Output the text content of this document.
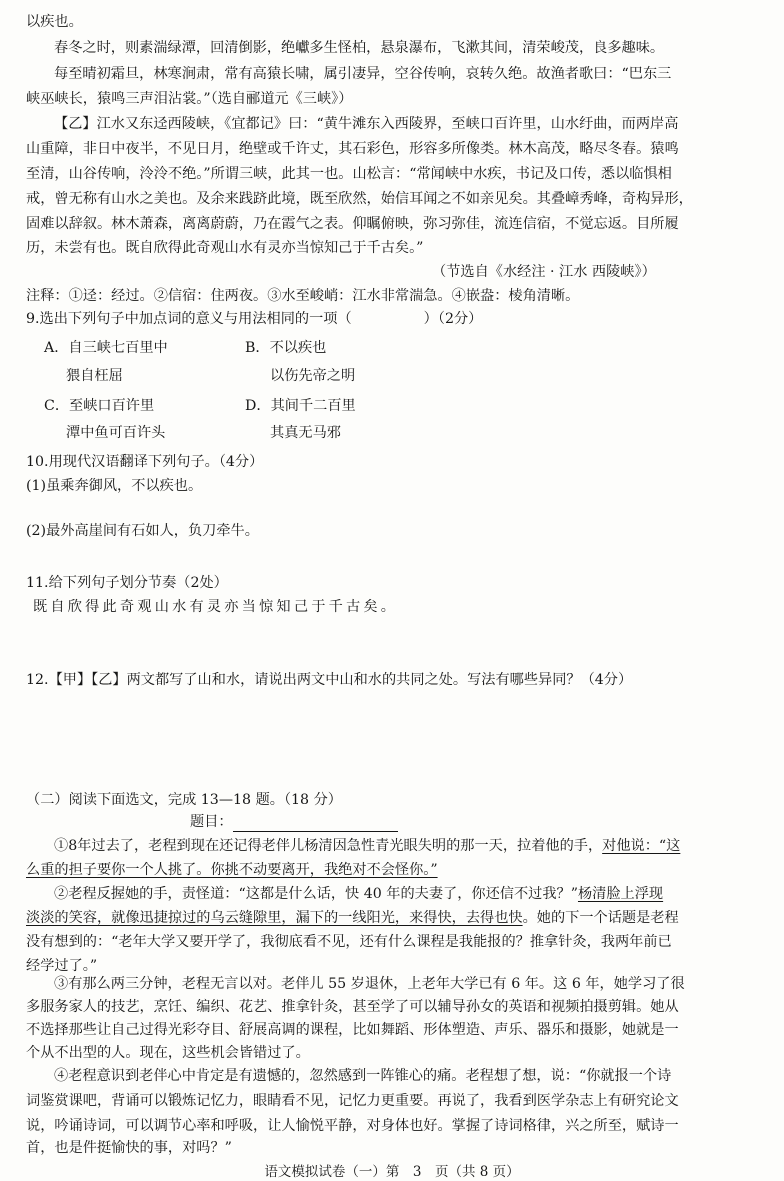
以疾也。
春冬之时，则素湍绿潭，回清倒影，绝巘多生怪柏，悬泉瀑布，飞漱其间，清荣峻茂，良多趣味。
每至晴初霜旦，林寒涧肃，常有高猿长啸，属引凄异，空谷传响，哀转久绝。故渔者歌曰：“巴东三
峡巫峡长，猿鸣三声泪沾裳。”（选自郦道元《三峡》）
【乙】江水又东迳西陵峡，《宜都记》曰：“黄牛滩东入西陵界，至峡口百许里，山水纡曲，而两岸高
山重障，非日中夜半，不见日月，绝壁或千许丈，其石彩色，形容多所像类。林木高茂，略尽冬春。猿鸣
至清，山谷传响，泠泠不绝。”所谓三峡，此其一也。山松言：“常闻峡中水疾，书记及口传，悉以临惧相
戒，曾无称有山水之美也。及余来践跻此境，既至欣然，始信耳闻之不如亲见矣。其叠嶂秀峰，奇构异形，
固难以辞叙。林木萧森，离离蔚蔚，乃在霞气之表。仰瞩俯映，弥习弥佳，流连信宿，不觉忘返。目所履
历，未尝有也。既自欣得此奇观山水有灵亦当惊知己于千古矣。”
（节选自《水经注 · 江水 西陵峡》）
注释：①迳：经过。②信宿：住两夜。③水至峻峭：江水非常湍急。④嵌盎：棱角清晰。
9.选出下列句子中加点词的意义与用法相同的一项（	）（2分）
A．自三峡七百里中
猥自枉屈
B．不以疾也
以伤先帝之明
C．至峡口百许里
潭中鱼可百许头
D．其间千二百里
其真无马邪
10.用现代汉语翻译下列句子。（4分）
(1)虽乘奔御风，不以疾也。
(2)最外高崖间有石如人，负刀牵牛。
11.给下列句子划分节奏（2处）
既自欣得此奇观山水有灵亦当惊知己于千古矣。
12.【甲】【乙】两文都写了山和水，请说出两文中山和水的共同之处。写法有哪些异同？（4分）
（二）阅读下面选文，完成 13—18 题。（18 分）
题目：
①8年过去了，老程到现在还记得老伴儿杨清因急性青光眼失明的那一天，拉着他的手，对他说：“这
么重的担子要你一个人挑了。你挑不动要离开，我绝对不会怪你。”
②老程反握她的手，责怪道：“这都是什么话，快 40 年的夫妻了，你还信不过我？”杨清脸上浮现
淡淡的笑容，就像迅捷掠过的乌云缝隙里，漏下的一线阳光，来得快，去得也快。她的下一个话题是老程
没有想到的：“老年大学又要开学了，我彻底看不见，还有什么课程是我能报的？推拿针灸，我两年前已
经学过了。”
③有那么两三分钟，老程无言以对。老伴儿 55 岁退休，上老年大学已有 6 年。这 6 年，她学习了很
多服务家人的技艺，烹饪、编织、花艺、推拿针灸，甚至学了可以辅导孙女的英语和视频拍摄剪辑。她从
不选择那些让自己过得光彩夺目、舒展高调的课程，比如舞蹈、形体塑造、声乐、器乐和摄影，她就是一
个从不出型的人。现在，这些机会皆错过了。
④老程意识到老伴心中肯定是有遗憾的，忽然感到一阵锥心的痛。老程想了想，说：“你就报一个诗
词鉴赏课吧，背诵可以锻炼记忆力，眼睛看不见，记忆力更重要。再说了，我看到医学杂志上有研究论文
语文模拟试卷（一）第　3　页（共 8 页）
说，吟诵诗词，可以调节心率和呼吸，让人愉悦平静，对身体也好。掌握了诗词格律，兴之所至，赋诗一
首，也是件挺愉快的事，对吗？”
